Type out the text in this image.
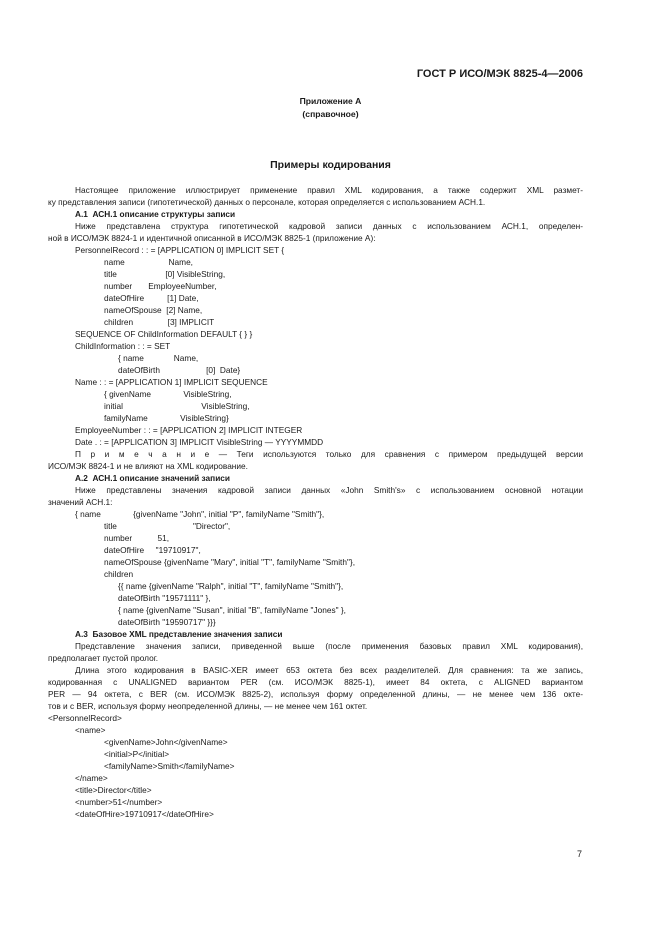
ГОСТ Р ИСО/МЭК 8825-4—2006
Приложение А
(справочное)
Примеры кодирования
Настоящее приложение иллюстрирует применение правил XML кодирования, а также содержит XML размет-
ку представления записи (гипотетической) данных о персонале, которая определяется с использованием АСН.1.
А.1  АСН.1 описание структуры записи
Ниже представлена структура гипотетической кадровой записи данных с использованием АСН.1, определен-
ной в ИСО/МЭК 8824-1 и идентичной описанной в ИСО/МЭК 8825-1 (приложение А):
PersonnelRecord : : = [APPLICATION 0] IMPLICIT SET {
name                   Name,
title                     [0] VisibleString,
number       EmployeeNumber,
dateOfHire          [1] Date,
nameOfSpouse  [2] Name,
children               [3] IMPLICIT
SEQUENCE OF ChildInformation DEFAULT { } }
ChildInformation : : = SET
{ name             Name,
dateOfBirth                    [0]  Date}
Name : : = [APPLICATION 1] IMPLICIT SEQUENCE
{ givenName              VisibleString,
initial                                  VisibleString,
familyName              VisibleString}
EmployeeNumber : : = [APPLICATION 2] IMPLICIT INTEGER
Date . : = [APPLICATION 3] IMPLICIT VisibleString — YYYYMMDD
П р и м е ч а н и е — Теги используются только для сравнения с примером предыдущей версии
ИСО/МЭК 8824-1 и не влияют на XML кодирование.
А.2  АСН.1 описание значений записи
Ниже представлены значения кадровой записи данных «John Smith's» с использованием основной нотации
значений АСН.1:
{ name              {givenName "John", initial "P", familyName "Smith"},
title                                 "Director",
number           51,
dateOfHire     "19710917",
nameOfSpouse {givenName "Mary", initial "T", familyName "Smith"},
children
{{ name {givenName "Ralph", initial "T", familyName "Smith"},
dateOfBirth "19571111" },
{ name {givenName "Susan", initial "B", familyName "Jones" },
dateOfBirth "19590717" }}}
А.3  Базовое XML представление значения записи
Представление значения записи, приведенной выше (после применения базовых правил XML кодирования),
предполагает пустой пролог.
Длина этого кодирования в BASIC-XER имеет 653 октета без всех разделителей. Для сравнения: та же запись,
кодированная с UNALIGNED вариантом PER (см. ИСО/МЭК 8825-1), имеет 84 октета, с ALIGNED вариантом
PER — 94 октета, с BER (см. ИСО/МЭК 8825-2), используя форму определенной длины, — не менее чем 136 окте-
тов и с BER, используя форму неопределенной длины, — не менее чем 161 октет.
<PersonnelRecord>
<name>
<givenName>John</givenName>
<initial>P</initial>
<familyName>Smith</familyName>
</name>
<title>Director</title>
<number>51</number>
<dateOfHire>19710917</dateOfHire>
7
